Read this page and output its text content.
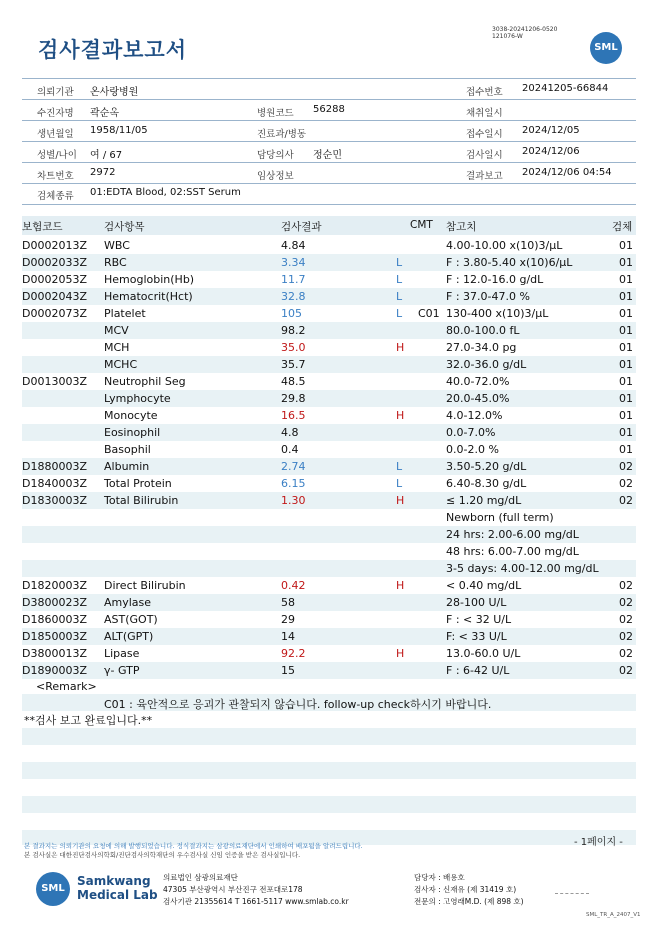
검사결과보고서
3038-20241206-0520
121076-W
SML
의뢰기관 온사랑병원
수진자명 곽순옥
생년월일 1958/11/05
성별/나이 여 / 67
차트번호 2972
검체종류 01:EDTA Blood, 02:SST Serum
병원코드 56288
진료과/병동
담당의사 정순민
임상정보
접수번호 20241205-66844
채취일시
접수일시 2024/12/05
검사일시 2024/12/06
결과보고 2024/12/06 04:54
보험코드	검사항목	검사결과	CMT 참고치	검체
D0002013Z WBC	4.84	4.00-10.00 x(10)3/μL	01
D0002033Z RBC	3.34	L	F : 3.80-5.40 x(10)6/μL	01
D0002053Z Hemoglobin(Hb)	11.7	L	F : 12.0-16.0 g/dL	01
D0002043Z Hematocrit(Hct)	32.8	L	F : 37.0-47.0 %	01
D0002073Z Platelet	105	L C01 130-400 x(10)3/μL	01
MCV	98.2	80.0-100.0 fL	01
MCH	35.0	H	27.0-34.0 pg	01
MCHC	35.7	32.0-36.0 g/dL	01
D0013003Z Neutrophil Seg	48.5	40.0-72.0%	01
Lymphocyte	29.8	20.0-45.0%	01
Monocyte	16.5	H	4.0-12.0%	01
Eosinophil	4.8	0.0-7.0%	01
Basophil	0.4	0.0-2.0 %	01
D1880003Z Albumin	2.74	L	3.50-5.20 g/dL	02
D1840003Z Total Protein	6.15	L	6.40-8.30 g/dL	02
D1830003Z Total Bilirubin	1.30	H	≤ 1.20 mg/dL	02
Newborn (full term)
24 hrs: 2.00-6.00 mg/dL
48 hrs: 6.00-7.00 mg/dL
3-5 days: 4.00-12.00 mg/dL
D1820003Z Direct Bilirubin	0.42	H	< 0.40 mg/dL	02
D3800023Z Amylase	58	28-100 U/L	02
D1860003Z AST(GOT)	29	F : < 32 U/L	02
D1850003Z ALT(GPT)	14	F: < 33 U/L	02
D3800013Z Lipase	92.2	H	13.0-60.0 U/L	02
D1890003Z γ- GTP	15	F : 6-42 U/L	02
<Remark>
C01 : 육안적으로 응괴가 관찰되지 않습니다. follow-up check하시기 바랍니다.
**검사 보고 완료입니다.**
본 결과지는 의뢰기관의 요청에 의해 발행되었습니다. 정식결과지는 삼광의료재단에서 인쇄하여 배포됨을 알려드립니다.
본 검사실은 대한진단검사의학회/진단검사의학재단의 우수검사실 신임 인증을 받은 검사실입니다.
- 1페이지 -
SML
Samkwang
Medical Lab
의료법인 삼광의료재단
47305 부산광역시 부산진구 전포대로178
검사기관 21355614 T 1661-5117 www.smlab.co.kr
담당자 : 배용호
검사자 : 신재유 (제 31419 호)
전문의 : 고영래M.D. (제 898 호)
SML_TR_A_2407_V1
